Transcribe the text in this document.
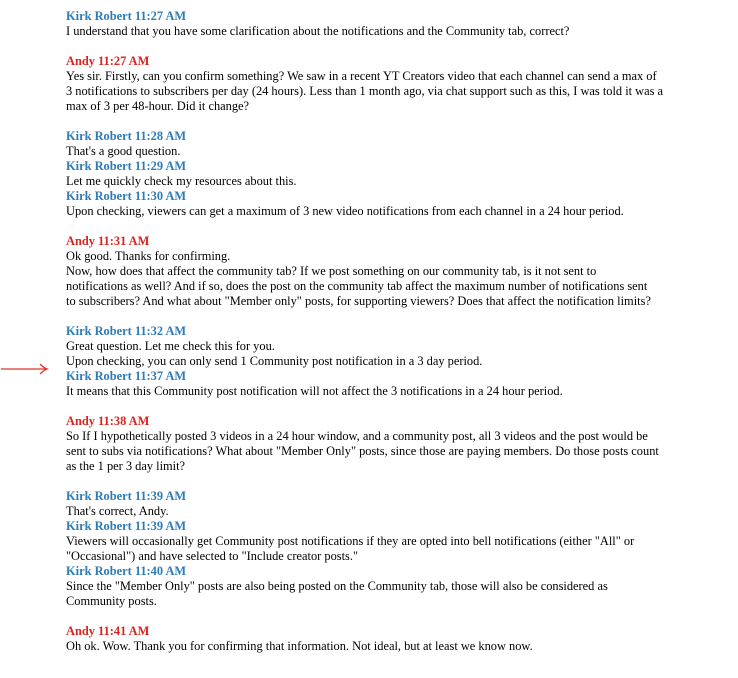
Kirk Robert 11:27 AM
I understand that you have some clarification about the notifications and the Community tab, correct?
Andy 11:27 AM
Yes sir. Firstly, can you confirm something? We saw in a recent YT Creators video that each channel can send a max of
3 notifications to subscribers per day (24 hours). Less than 1 month ago, via chat support such as this, I was told it was a
max of 3 per 48-hour. Did it change?
Kirk Robert 11:28 AM
That's a good question.
Kirk Robert 11:29 AM
Let me quickly check my resources about this.
Kirk Robert 11:30 AM
Upon checking, viewers can get a maximum of 3 new video notifications from each channel in a 24 hour period.
Andy 11:31 AM
Ok good. Thanks for confirming.
Now, how does that affect the community tab? If we post something on our community tab, is it not sent to
notifications as well? And if so, does the post on the community tab affect the maximum number of notifications sent
to subscribers? And what about "Member only" posts, for supporting viewers? Does that affect the notification limits?
Kirk Robert 11:32 AM
Great question. Let me check this for you.
Upon checking, you can only send 1 Community post notification in a 3 day period.
Kirk Robert 11:37 AM
It means that this Community post notification will not affect the 3 notifications in a 24 hour period.
Andy 11:38 AM
So If I hypothetically posted 3 videos in a 24 hour window, and a community post, all 3 videos and the post would be
sent to subs via notifications? What about "Member Only" posts, since those are paying members. Do those posts count
as the 1 per 3 day limit?
Kirk Robert 11:39 AM
That's correct, Andy.
Kirk Robert 11:39 AM
Viewers will occasionally get Community post notifications if they are opted into bell notifications (either "All" or
"Occasional") and have selected to "Include creator posts."
Kirk Robert 11:40 AM
Since the "Member Only" posts are also being posted on the Community tab, those will also be considered as
Community posts.
Andy 11:41 AM
Oh ok. Wow. Thank you for confirming that information. Not ideal, but at least we know now.
